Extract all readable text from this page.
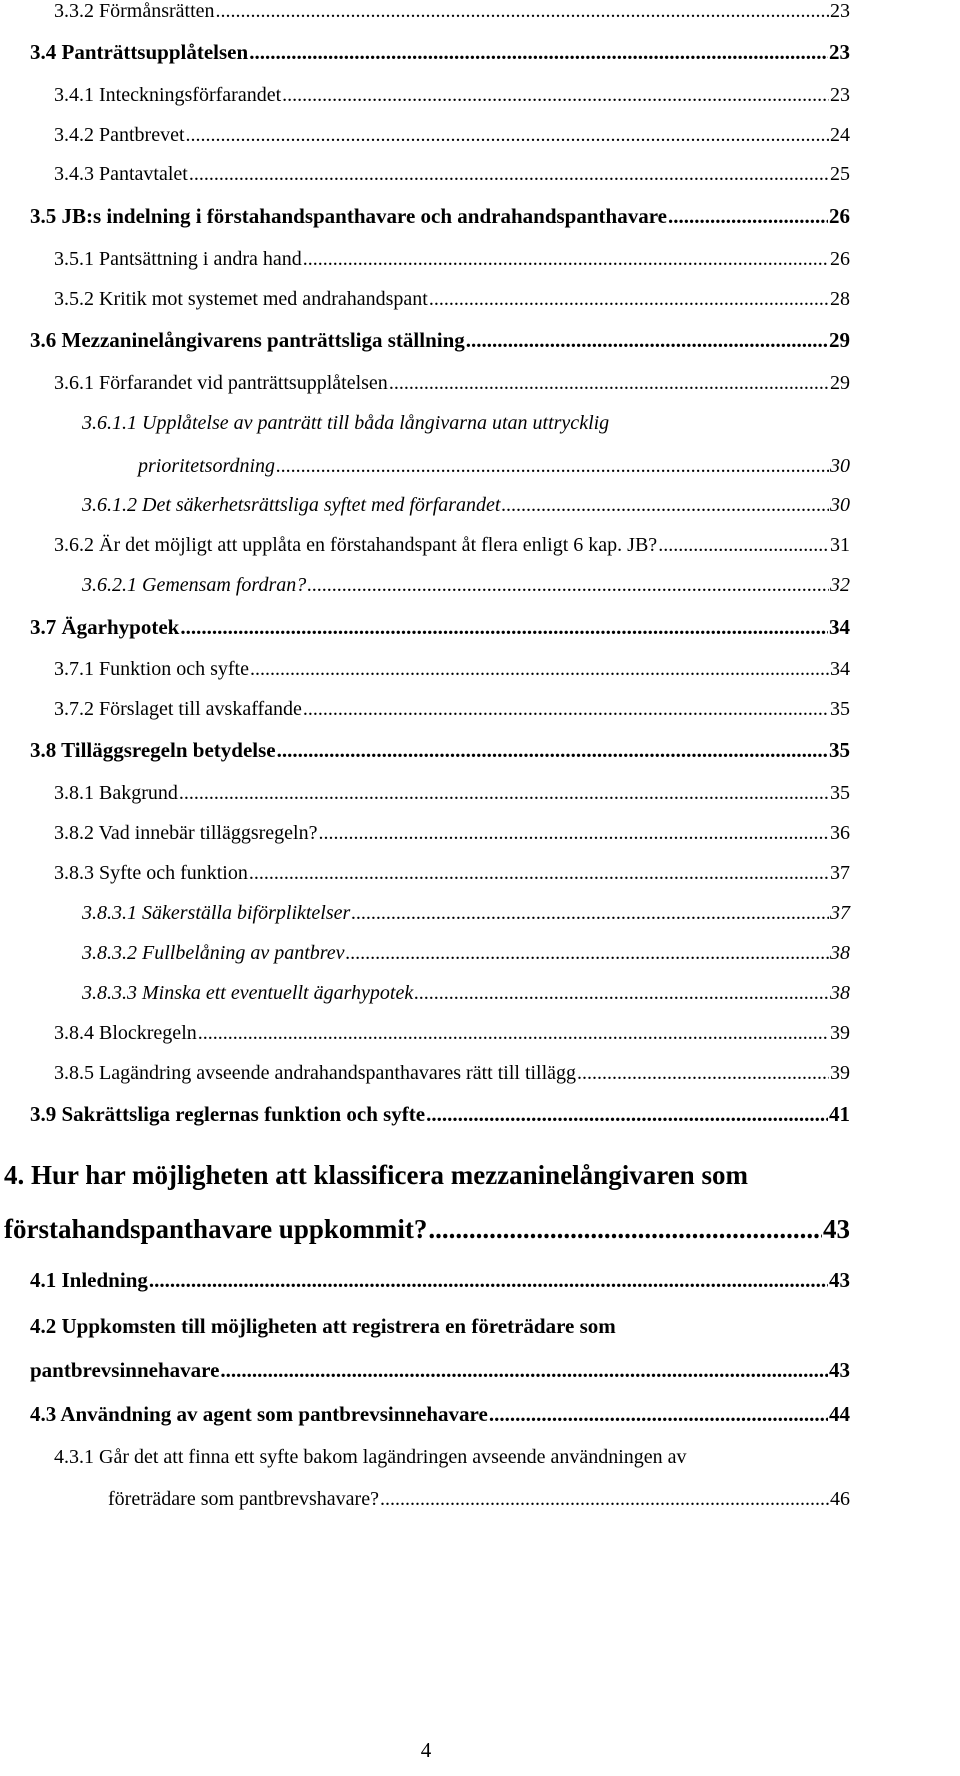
3.3.2 Förmånsrätten .....	23
3.4 Panträttsupplåtelsen .....	23
3.4.1 Inteckningsförfarandet .....	23
3.4.2 Pantbrevet .....	24
3.4.3 Pantavtalet .....	25
3.5 JB:s indelning i förstahandspanthavare och andrahandspanthavare .....	26
3.5.1 Pantsättning i andra hand .....	26
3.5.2 Kritik mot systemet med andrahandspant .....	28
3.6 Mezzaninelångivarens panträttsliga ställning .....	29
3.6.1 Förfarandet vid panträttsupplåtelsen .....	29
3.6.1.1 Upplåtelse av panträtt till båda långivarna utan uttrycklig
prioritetsordning .....	30
3.6.1.2 Det säkerhetsrättsliga syftet med förfarandet .....	30
3.6.2 Är det möjligt att upplåta en förstahandspant åt flera enligt 6 kap. JB? .....	31
3.6.2.1 Gemensam fordran? .....	32
3.7 Ägarhypotek .....	34
3.7.1 Funktion och syfte .....	34
3.7.2 Förslaget till avskaffande .....	35
3.8 Tilläggsregeln betydelse .....	35
3.8.1 Bakgrund .....	35
3.8.2 Vad innebär tilläggsregeln? .....	36
3.8.3 Syfte och funktion .....	37
3.8.3.1 Säkerställa biförpliktelser .....	37
3.8.3.2 Fullbelåning av pantbrev .....	38
3.8.3.3 Minska ett eventuellt ägarhypotek .....	38
3.8.4 Blockregeln .....	39
3.8.5 Lagändring avseende andrahandspanthavares rätt till tillägg .....	39
3.9 Sakrättsliga reglernas funktion och syfte .....	41
4. Hur har möjligheten att klassificera mezzaninelångivaren som
förstahandspanthavare uppkommit? .....	43
4.1 Inledning .....	43
4.2 Uppkomsten till möjligheten att registrera en företrädare som
pantbrevsinnehavare .....	43
4.3 Användning av agent som pantbrevsinnehavare .....	44
4.3.1 Går det att finna ett syfte bakom lagändringen avseende användningen av
företrädare som pantbrevshavare? .....	46
4
